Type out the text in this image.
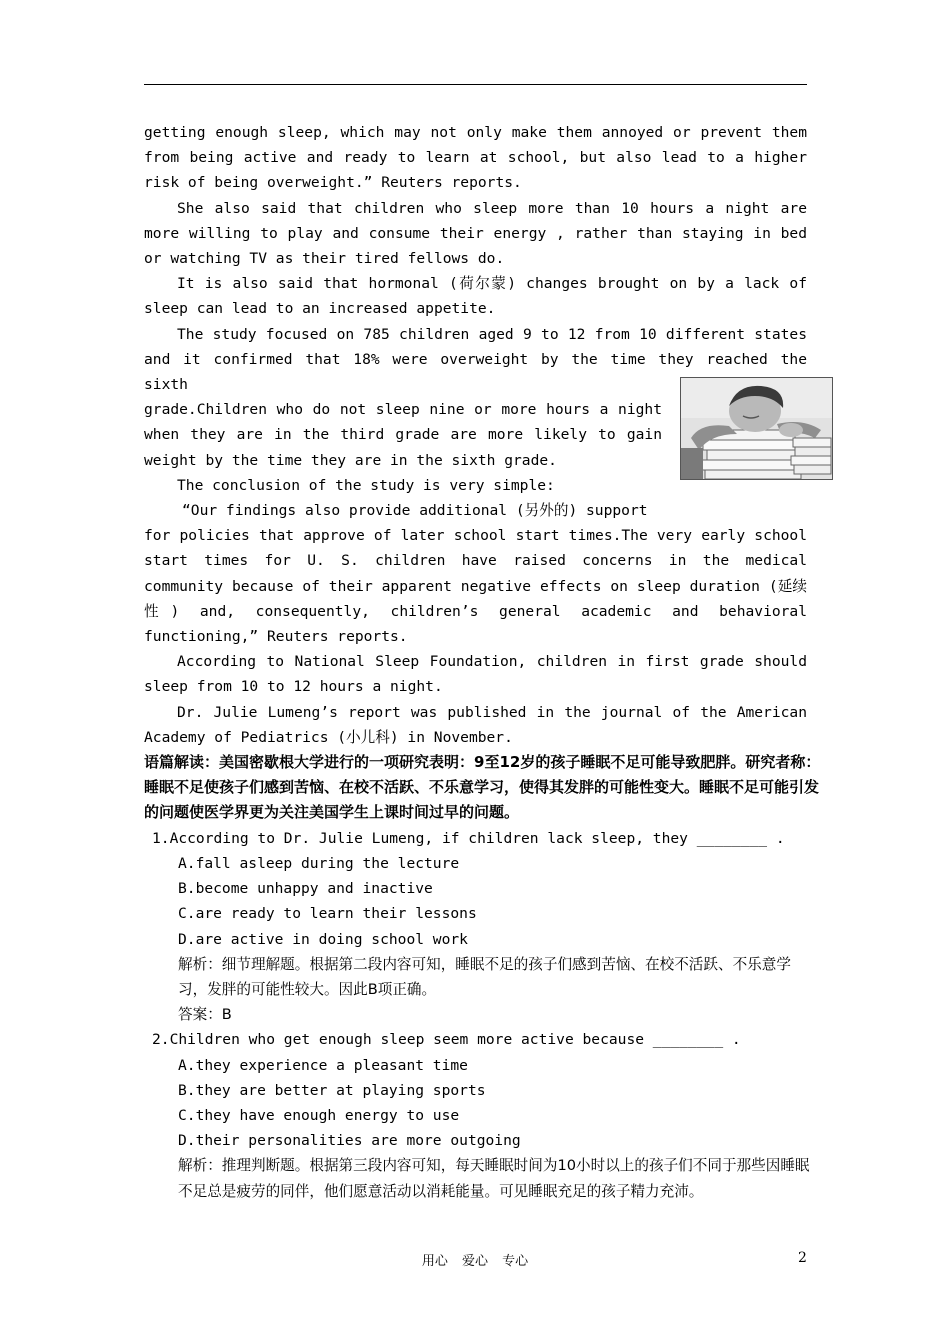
getting enough sleep, which may not only make them annoyed or prevent them from being active and ready to learn at school, but also lead to a higher risk of being overweight.” Reuters reports.

She also said that children who sleep more than 10 hours a night are more willing to play and consume their energy , rather than staying in bed or watching TV as their tired fellows do.

It is also said that hormonal (荷尔蒙) changes brought on by a lack of sleep can lead to an increased appetite.

The study focused on 785 children aged 9 to 12 from 10 different states and it confirmed that 18% were overweight by the time they reached the sixth

grade.Children who do not sleep nine or more hours a night when they are in the third grade are more likely to gain weight by the time they are in the sixth grade.

The conclusion of the study is very simple:

“Our findings also provide additional (另外的) support

for policies that approve of later school start times.The very early school start times for U. S. children have raised concerns in the medical community because of their apparent negative effects on sleep duration (延续性) and, consequently, children’s general academic and behavioral functioning,” Reuters reports.

According to National Sleep Foundation, children in first grade should sleep from 10 to 12 hours a night.

Dr. Julie Lumeng’s report was published in the journal of the American Academy of Pediatrics (小儿科) in November.

语篇解读：美国密歇根大学进行的一项研究表明：9至12岁的孩子睡眠不足可能导致肥胖。研究者称：睡眠不足使孩子们感到苦恼、在校不活跃、不乐意学习，使得其发胖的可能性变大。睡眠不足可能引发的问题使医学界更为关注美国学生上课时间过早的问题。

1.According to Dr. Julie Lumeng, if children lack sleep, they ________ .

A.fall asleep during the lecture

B.become unhappy and inactive

C.are ready to learn their lessons

D.are active in doing school work

解析：细节理解题。根据第二段内容可知，睡眠不足的孩子们感到苦恼、在校不活跃、不乐意学习，发胖的可能性较大。因此B项正确。

答案：B

2.Children who get enough sleep seem more active because ________ .

A.they experience a pleasant time

B.they are better at playing sports

C.they have enough energy to use

D.their personalities are more outgoing

解析：推理判断题。根据第三段内容可知，每天睡眠时间为10小时以上的孩子们不同于那些因睡眠不足总是疲劳的同伴，他们愿意活动以消耗能量。可见睡眠充足的孩子精力充沛。

用心 爱心 专心	2
